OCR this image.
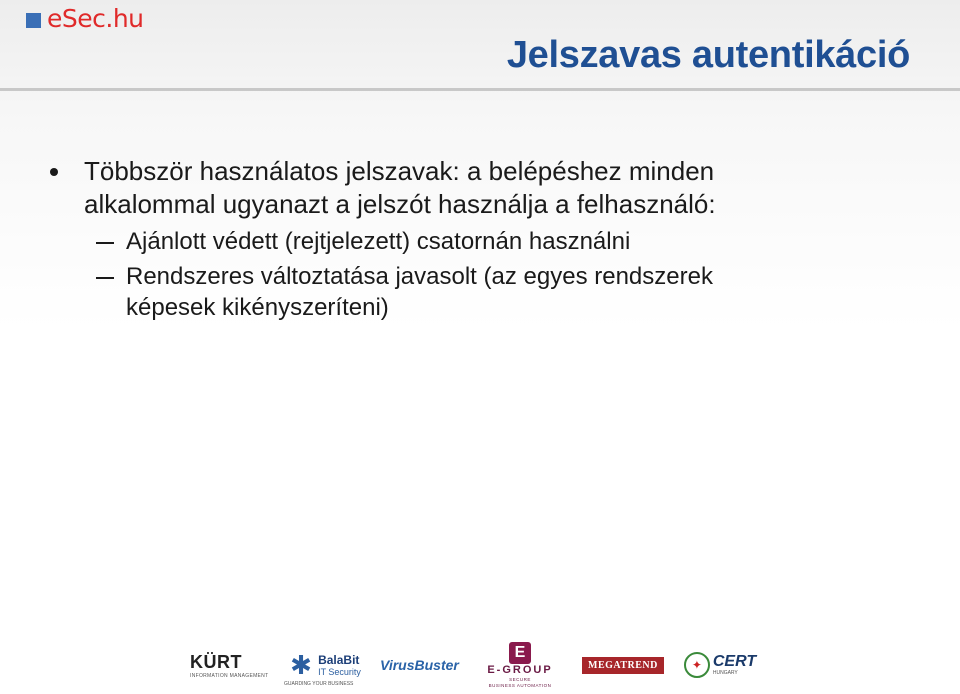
eSec.hu
Jelszavas autentikáció
Többször használatos jelszavak: a belépéshez minden
alkalommal ugyanazt a jelszót használja a felhasználó:
Ajánlott védett (rejtjelezett) csatornán használni
Rendszeres változtatása javasolt (az egyes rendszerek
képesek kikényszeríteni)
KÜRT
INFORMATION MANAGEMENT ✱ BalaBit
IT Security
GUARDING YOUR BUSINESS
VirusBuster
E
E-GROUP
SECURE
BUSINESS AUTOMATION
MEGATREND	✦ CERT
HUNGARY
